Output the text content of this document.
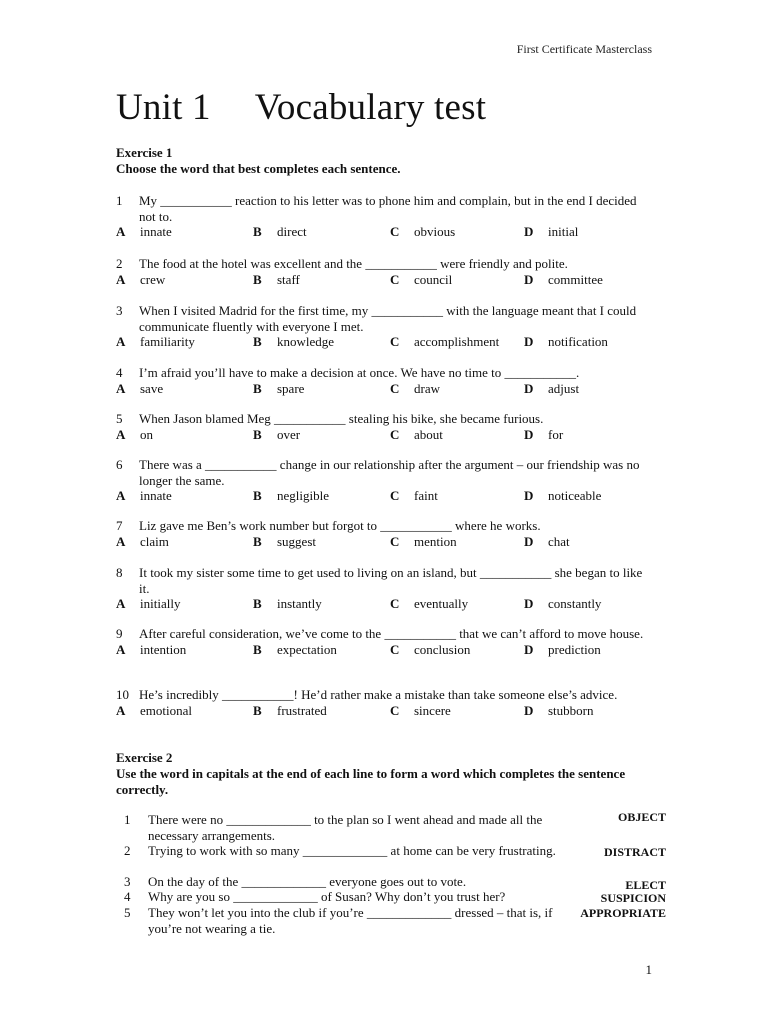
First Certificate Masterclass
Unit 1 Vocabulary test
Exercise 1
Choose the word that best completes each sentence.
1 My ___________ reaction to his letter was to phone him and complain, but in the end I decided not to.
A innate	B direct	C obvious	D initial
2 The food at the hotel was excellent and the ___________ were friendly and polite.
A crew	B staff	C council	D committee
3 When I visited Madrid for the first time, my ___________ with the language meant that I could communicate fluently with everyone I met.
A familiarity	B knowledge	C accomplishment D notification
4 I’m afraid you’ll have to make a decision at once. We have no time to ___________.
A save	B spare	C draw	D adjust
5 When Jason blamed Meg ___________ stealing his bike, she became furious.
A on	B over	C about	D for
6 There was a ___________ change in our relationship after the argument – our friendship was no longer the same.
A innate	B negligible	C faint	D noticeable
7 Liz gave me Ben’s work number but forgot to ___________ where he works.
A claim	B suggest	C mention	D chat
8 It took my sister some time to get used to living on an island, but ___________ she began to like it.
A initially	B instantly	C eventually	D constantly
9 After careful consideration, we’ve come to the ___________ that we can’t afford to move house.
A intention	B expectation	C conclusion	D prediction
10 He’s incredibly ___________! He’d rather make a mistake than take someone else’s advice.
A emotional	B frustrated	C sincere	D stubborn
Exercise 2
Use the word in capitals at the end of each line to form a word which completes the sentence correctly.
1 There were no _____________ to the plan so I went ahead and made all the necessary arrangements.
OBJECT
2 Trying to work with so many _____________ at home can be very frustrating.	DISTRACT
3 On the day of the _____________ everyone goes out to vote.	ELECT
4 Why are you so _____________ of Susan? Why don’t you trust her?	SUSPICION
5 They won’t let you into the club if you’re _____________ dressed – that is, if you’re not wearing a tie.
APPROPRIATE
1
